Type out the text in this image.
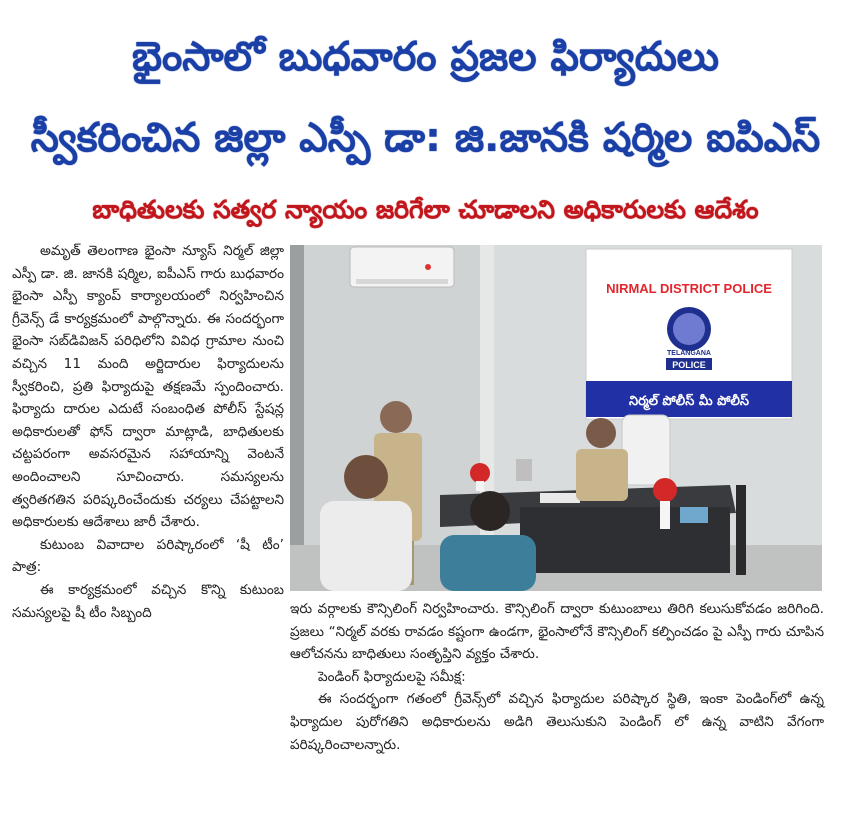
భైంసాలో బుధవారం ప్రజల ఫిర్యాదులు
స్వీకరించిన జిల్లా ఎస్పీ డా: జి.జానకి షర్మిల ఐపిఎస్
బాధితులకు సత్వర న్యాయం జరిగేలా చూడాలని అధికారులకు ఆదేశం

అమృత్ తెలంగాణ భైంసా న్యూస్ నిర్మల్ జిల్లా ఎస్పీ డా. జి. జానకి షర్మిల, ఐపీఎస్ గారు బుధవారం భైంసా ఎస్పీ క్యాంప్ కార్యాలయంలో నిర్వహించిన గ్రీవెన్స్ డే కార్యక్రమంలో పాల్గొన్నారు. ఈ సందర్భంగా భైంసా సబ్‌డివిజన్ పరిధిలోని వివిధ గ్రామాల నుంచి వచ్చిన 11 మంది అర్జిదారుల ఫిర్యాదులను స్వీకరించి, ప్రతి ఫిర్యాదుపై తక్షణమే స్పందించారు. ఫిర్యాదు దారుల ఎదుటే సంబంధిత పోలీస్ స్టేషన్ల అధికారులతో ఫోన్ ద్వారా మాట్లాడి, బాధితులకు చట్టపరంగా అవసరమైన సహాయాన్ని వెంటనే అందించాలని సూచించారు. సమస్యలను త్వరితగతిన పరిష్కరించేందుకు చర్యలు చేపట్టాలని అధికారులకు ఆదేశాలు జారీ చేశారు.

కుటుంబ వివాదాల పరిష్కారంలో ‘షీ టీం’ పాత్ర:

ఈ కార్యక్రమంలో వచ్చిన కొన్ని కుటుంబ సమస్యలపై షీ టీం సిబ్బంది

NIRMAL DISTRICT POLICE
TELANGANA
POLICE
నిర్మల్ పోలీస్ మీ పోలీస్

ఇరు వర్గాలకు కౌన్సిలింగ్ నిర్వహించారు. కౌన్సిలింగ్ ద్వారా కుటుంబాలు తిరిగి కలుసుకోవడం జరిగింది. ప్రజలు “నిర్మల్ వరకు రావడం కష్టంగా ఉండగా, భైంసాలోనే కౌన్సిలింగ్ కల్పించడం పై ఎస్పీ గారు చూపిన ఆలోచనను బాధితులు సంతృప్తిని వ్యక్తం చేశారు.

పెండింగ్ ఫిర్యాదులపై సమీక్ష:

ఈ సందర్భంగా గతంలో గ్రీవెన్స్‌లో వచ్చిన ఫిర్యాదుల పరిష్కార స్థితి, ఇంకా పెండింగ్‌లో ఉన్న ఫిర్యాదుల పురోగతిని అధికారులను అడిగి తెలుసుకుని పెండింగ్ లో ఉన్న వాటిని వేగంగా పరిష్కరించాలన్నారు.
